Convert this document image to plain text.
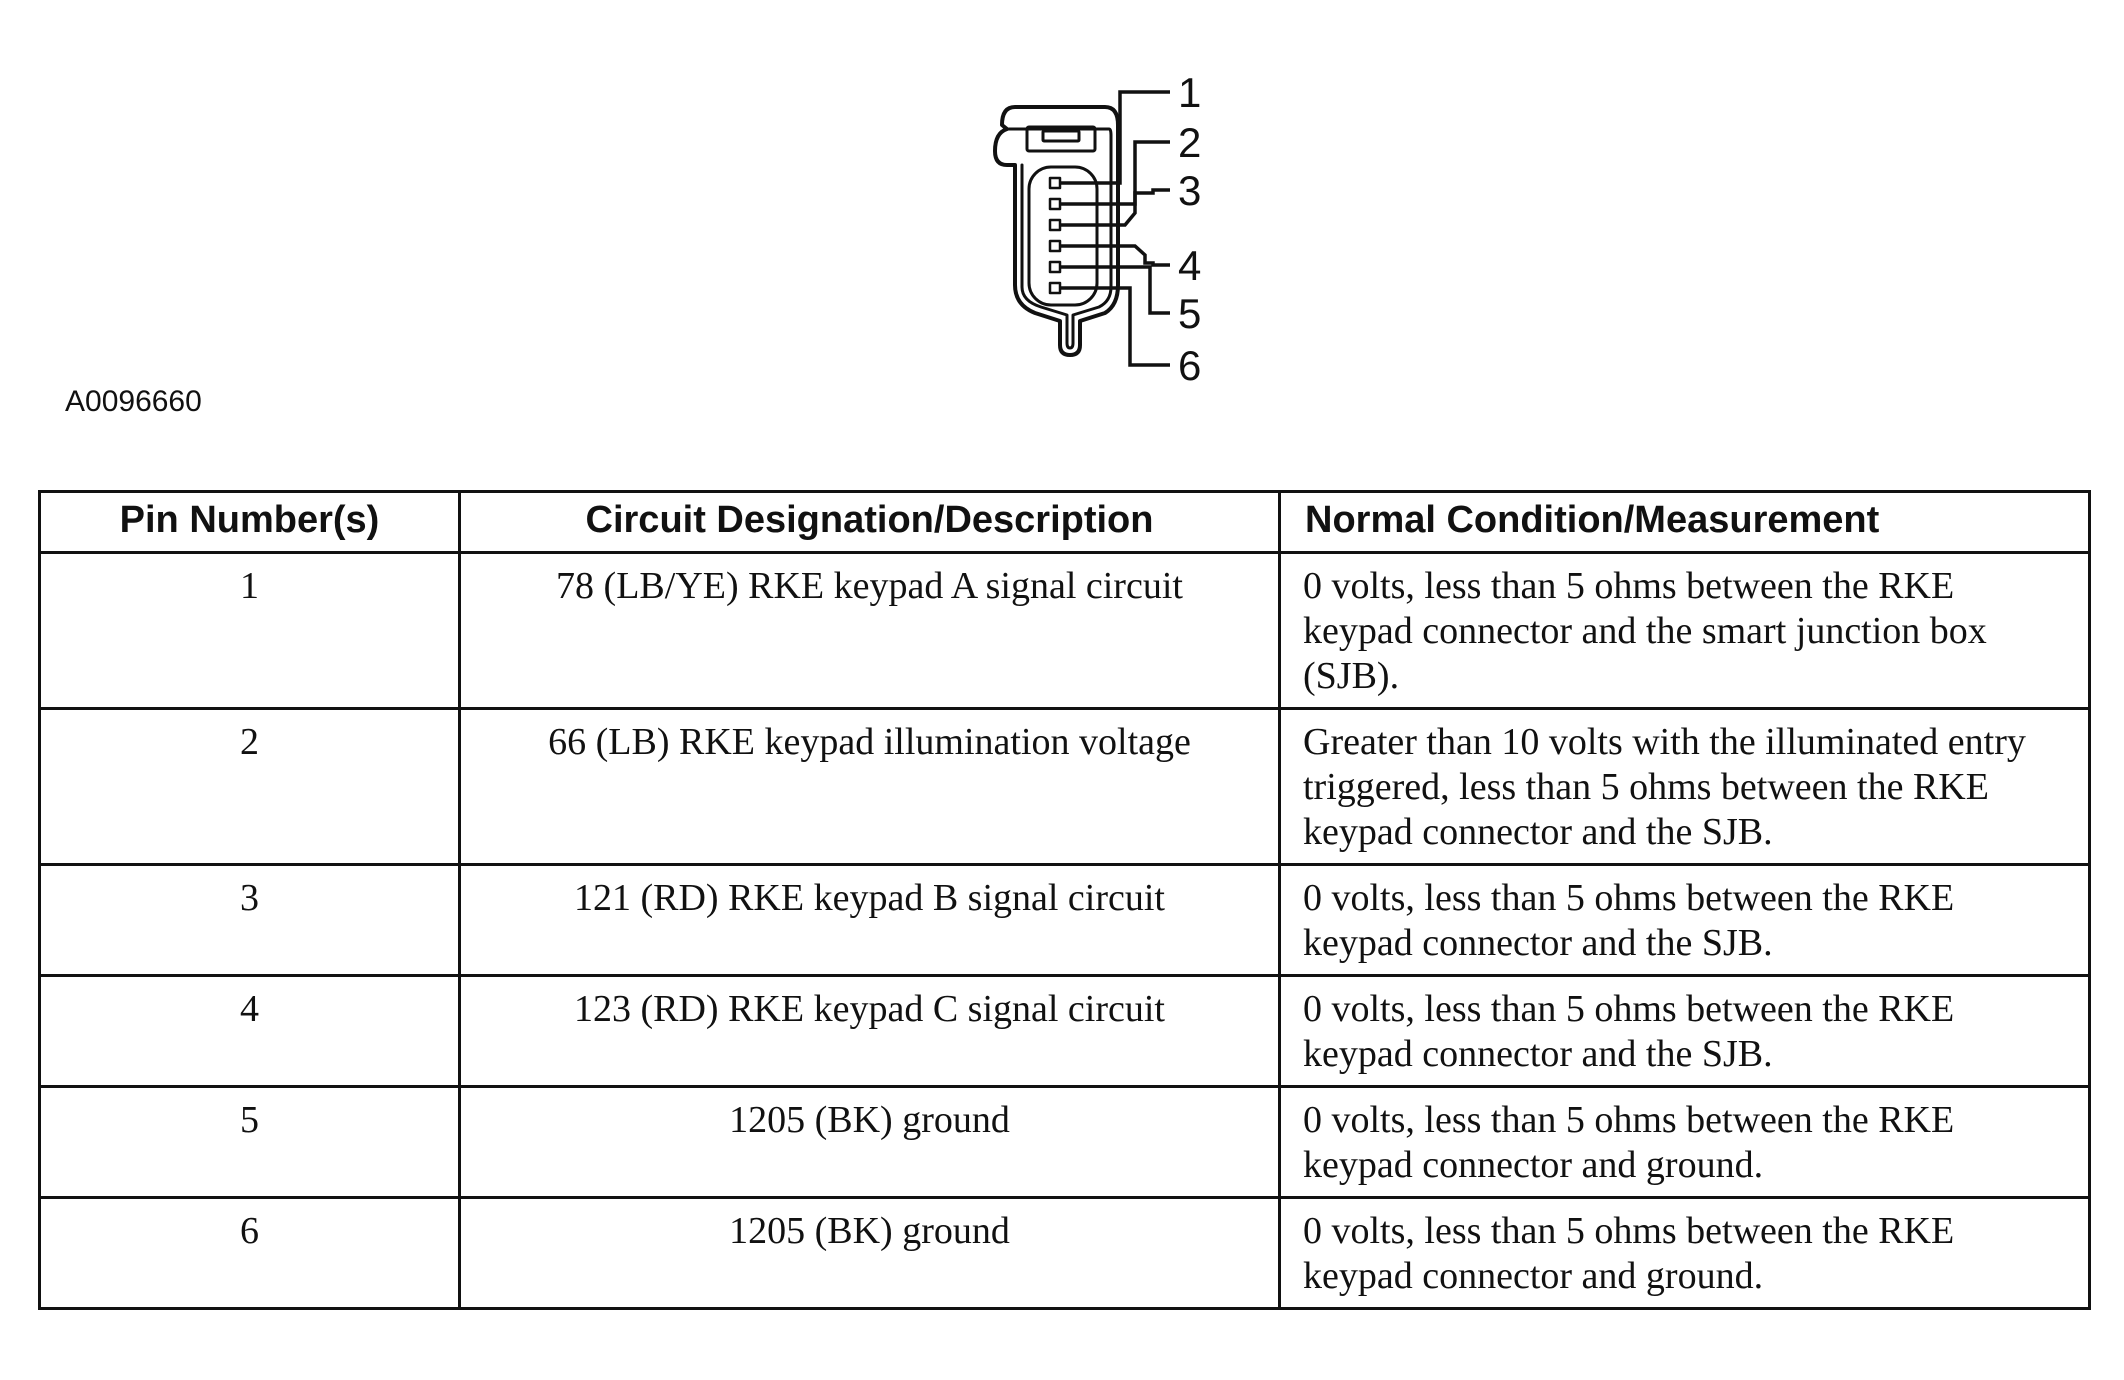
1
2
3
4
5
6
A0096660
Pin Number(s)	Circuit Designation/Description	Normal Condition/Measurement
1	78 (LB/YE) RKE keypad A signal circuit	0 volts, less than 5 ohms between the RKE keypad connector and the smart junction box (SJB).
2	66 (LB) RKE keypad illumination voltage	Greater than 10 volts with the illuminated entry triggered, less than 5 ohms between the RKE keypad connector and the SJB.
3	121 (RD) RKE keypad B signal circuit	0 volts, less than 5 ohms between the RKE keypad connector and the SJB.
4	123 (RD) RKE keypad C signal circuit	0 volts, less than 5 ohms between the RKE keypad connector and the SJB.
5	1205 (BK) ground	0 volts, less than 5 ohms between the RKE keypad connector and ground.
6	1205 (BK) ground	0 volts, less than 5 ohms between the RKE keypad connector and ground.
